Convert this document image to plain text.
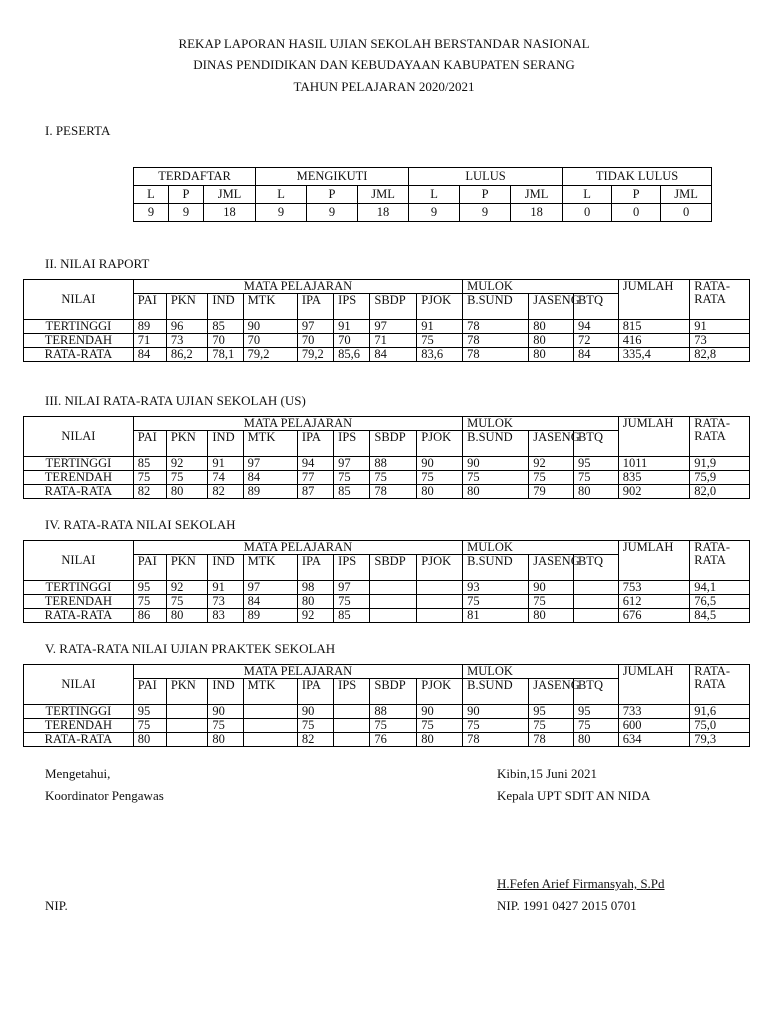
REKAP LAPORAN HASIL UJIAN SEKOLAH BERSTANDAR NASIONAL
DINAS PENDIDIKAN DAN KEBUDAYAAN KABUPATEN SERANG
TAHUN PELAJARAN 2020/2021
I. PESERTA
TERDAFTAR			MENGIKUTI			LULUS			TIDAK LULUS		
L	P	JML	L	P	JML	L	P	JML	L	P	JML
9	9	18	9	9	18	9	9	18	0	0	0
II. NILAI RAPORT
NILAI	MATA PELAJARAN								MULOK			JUMLAH	RATA-RATA
	PAI	PKN	IND	MTK	IPA	IPS	SBDP	PJOK	B.SUND	JASENG	BTQ		
TERTINGGI	89	96	85	90	97	91	97	91	78	80	94	815	91
TERENDAH	71	73	70	70	70	70	71	75	78	80	72	416	73
RATA-RATA	84	86,2	78,1	79,2	79,2	85,6	84	83,6	78	80	84	335,4	82,8
III. NILAI RATA-RATA UJIAN SEKOLAH (US)
NILAI	MATA PELAJARAN								MULOK			JUMLAH	RATA-RATA
	PAI	PKN	IND	MTK	IPA	IPS	SBDP	PJOK	B.SUND	JASENG	BTQ		
TERTINGGI	85	92	91	97	94	97	88	90	90	92	95	1011	91,9
TERENDAH	75	75	74	84	77	75	75	75	75	75	75	835	75,9
RATA-RATA	82	80	82	89	87	85	78	80	80	79	80	902	82,0
IV. RATA-RATA NILAI SEKOLAH
NILAI	MATA PELAJARAN								MULOK			JUMLAH	RATA-RATA
	PAI	PKN	IND	MTK	IPA	IPS	SBDP	PJOK	B.SUND	JASENG	BTQ		
TERTINGGI	95	92	91	97	98	97			93	90		753	94,1
TERENDAH	75	75	73	84	80	75			75	75		612	76,5
RATA-RATA	86	80	83	89	92	85			81	80		676	84,5
V. RATA-RATA NILAI UJIAN PRAKTEK SEKOLAH
NILAI	MATA PELAJARAN								MULOK			JUMLAH	RATA-RATA
	PAI	PKN	IND	MTK	IPA	IPS	SBDP	PJOK	B.SUND	JASENG	BTQ		
TERTINGGI	95		90		90		88	90	90	95	95	733	91,6
TERENDAH	75		75		75		75	75	75	75	75	600	75,0
RATA-RATA	80		80		82		76	80	78	78	80	634	79,3
Mengetahui,
Koordinator Pengawas
NIP.
Kibin,15 Juni 2021
Kepala UPT SDIT AN NIDA
H.Fefen Arief Firmansyah, S.Pd
NIP. 1991 0427 2015 0701
